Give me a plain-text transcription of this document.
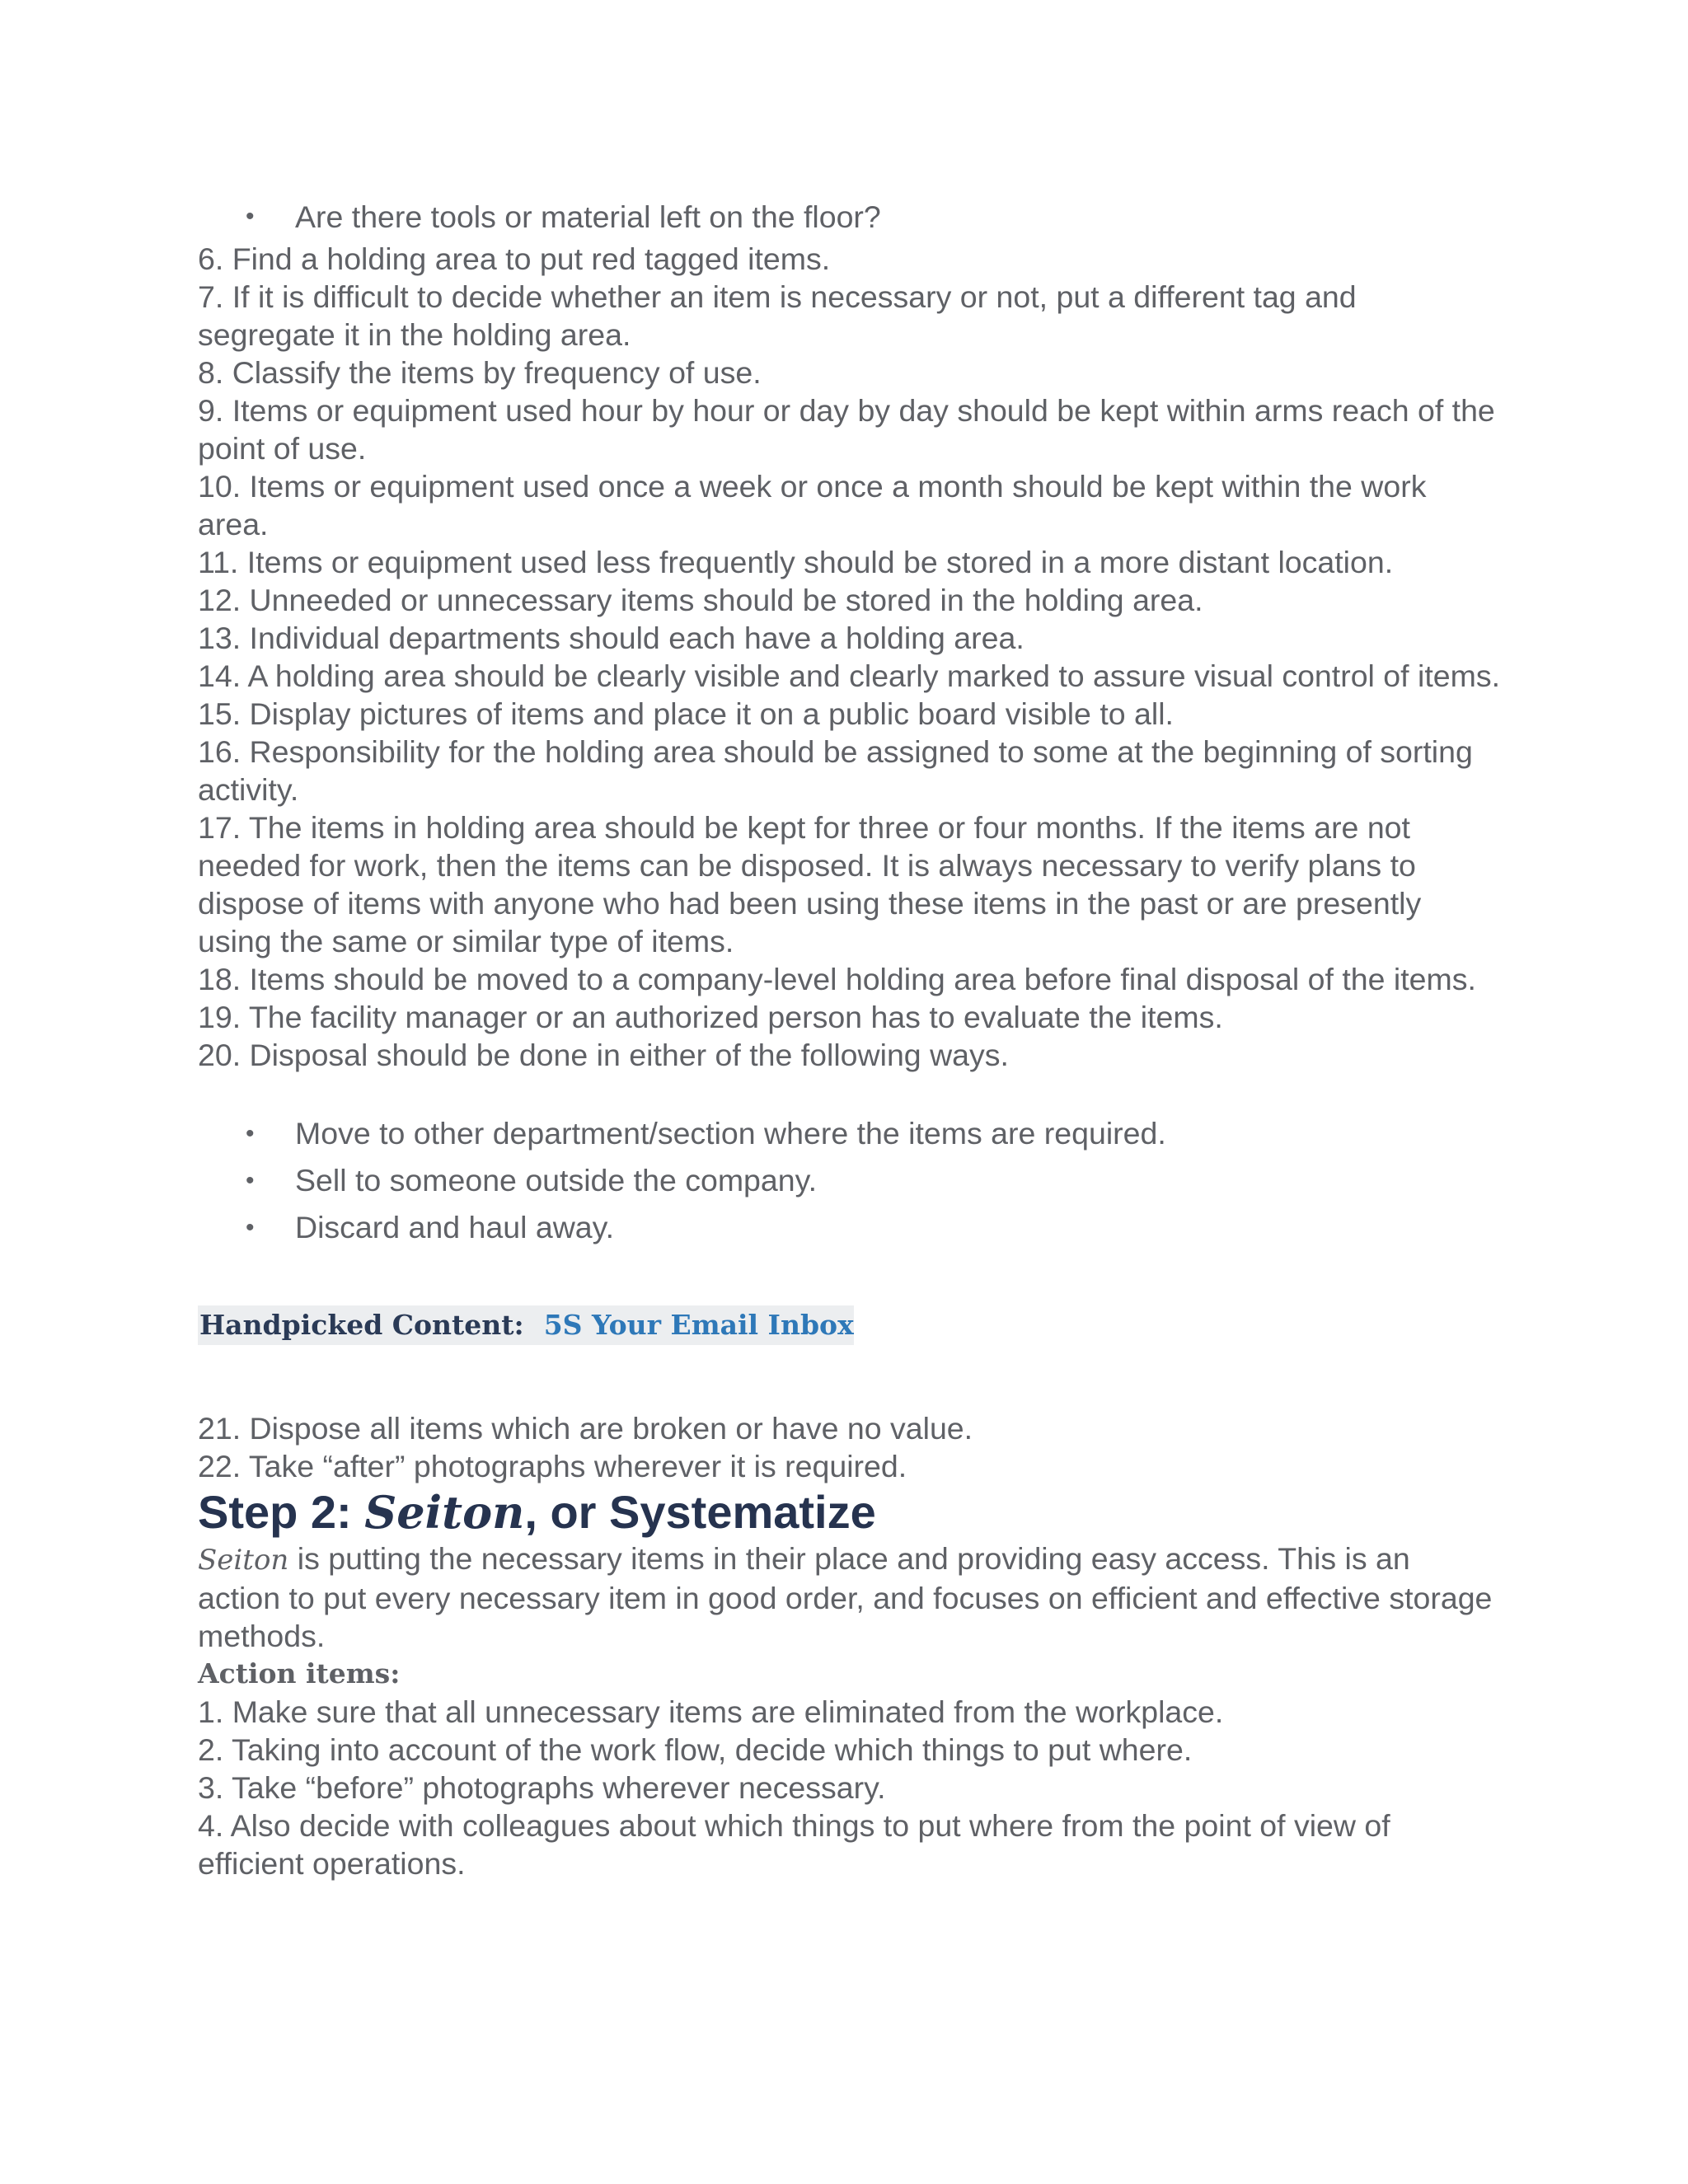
• Are there tools or material left on the floor?

6. Find a holding area to put red tagged items.

7. If it is difficult to decide whether an item is necessary or not, put a different tag and segregate it in the holding area.

8. Classify the items by frequency of use.

9. Items or equipment used hour by hour or day by day should be kept within arms reach of the point of use.

10. Items or equipment used once a week or once a month should be kept within the work area.

11. Items or equipment used less frequently should be stored in a more distant location.

12. Unneeded or unnecessary items should be stored in the holding area.

13. Individual departments should each have a holding area.

14. A holding area should be clearly visible and clearly marked to assure visual control of items.

15. Display pictures of items and place it on a public board visible to all.

16. Responsibility for the holding area should be assigned to some at the beginning of sorting activity.

17. The items in holding area should be kept for three or four months. If the items are not needed for work, then the items can be disposed. It is always necessary to verify plans to dispose of items with anyone who had been using these items in the past or are presently using the same or similar type of items.

18. Items should be moved to a company-level holding area before final disposal of the items.

19. The facility manager or an authorized person has to evaluate the items.

20. Disposal should be done in either of the following ways.

• Move to other department/section where the items are required.
• Sell to someone outside the company.
• Discard and haul away.
Handpicked Content: 5S Your Email Inbox

21. Dispose all items which are broken or have no value.

22. Take “after” photographs wherever it is required.

Step 2: Seiton, or Systematize

Seiton is putting the necessary items in their place and providing easy access. This is an action to put every necessary item in good order, and focuses on efficient and effective storage methods.

Action items:

1. Make sure that all unnecessary items are eliminated from the workplace.

2. Taking into account of the work flow, decide which things to put where.

3. Take “before” photographs wherever necessary.

4. Also decide with colleagues about which things to put where from the point of view of efficient operations.
